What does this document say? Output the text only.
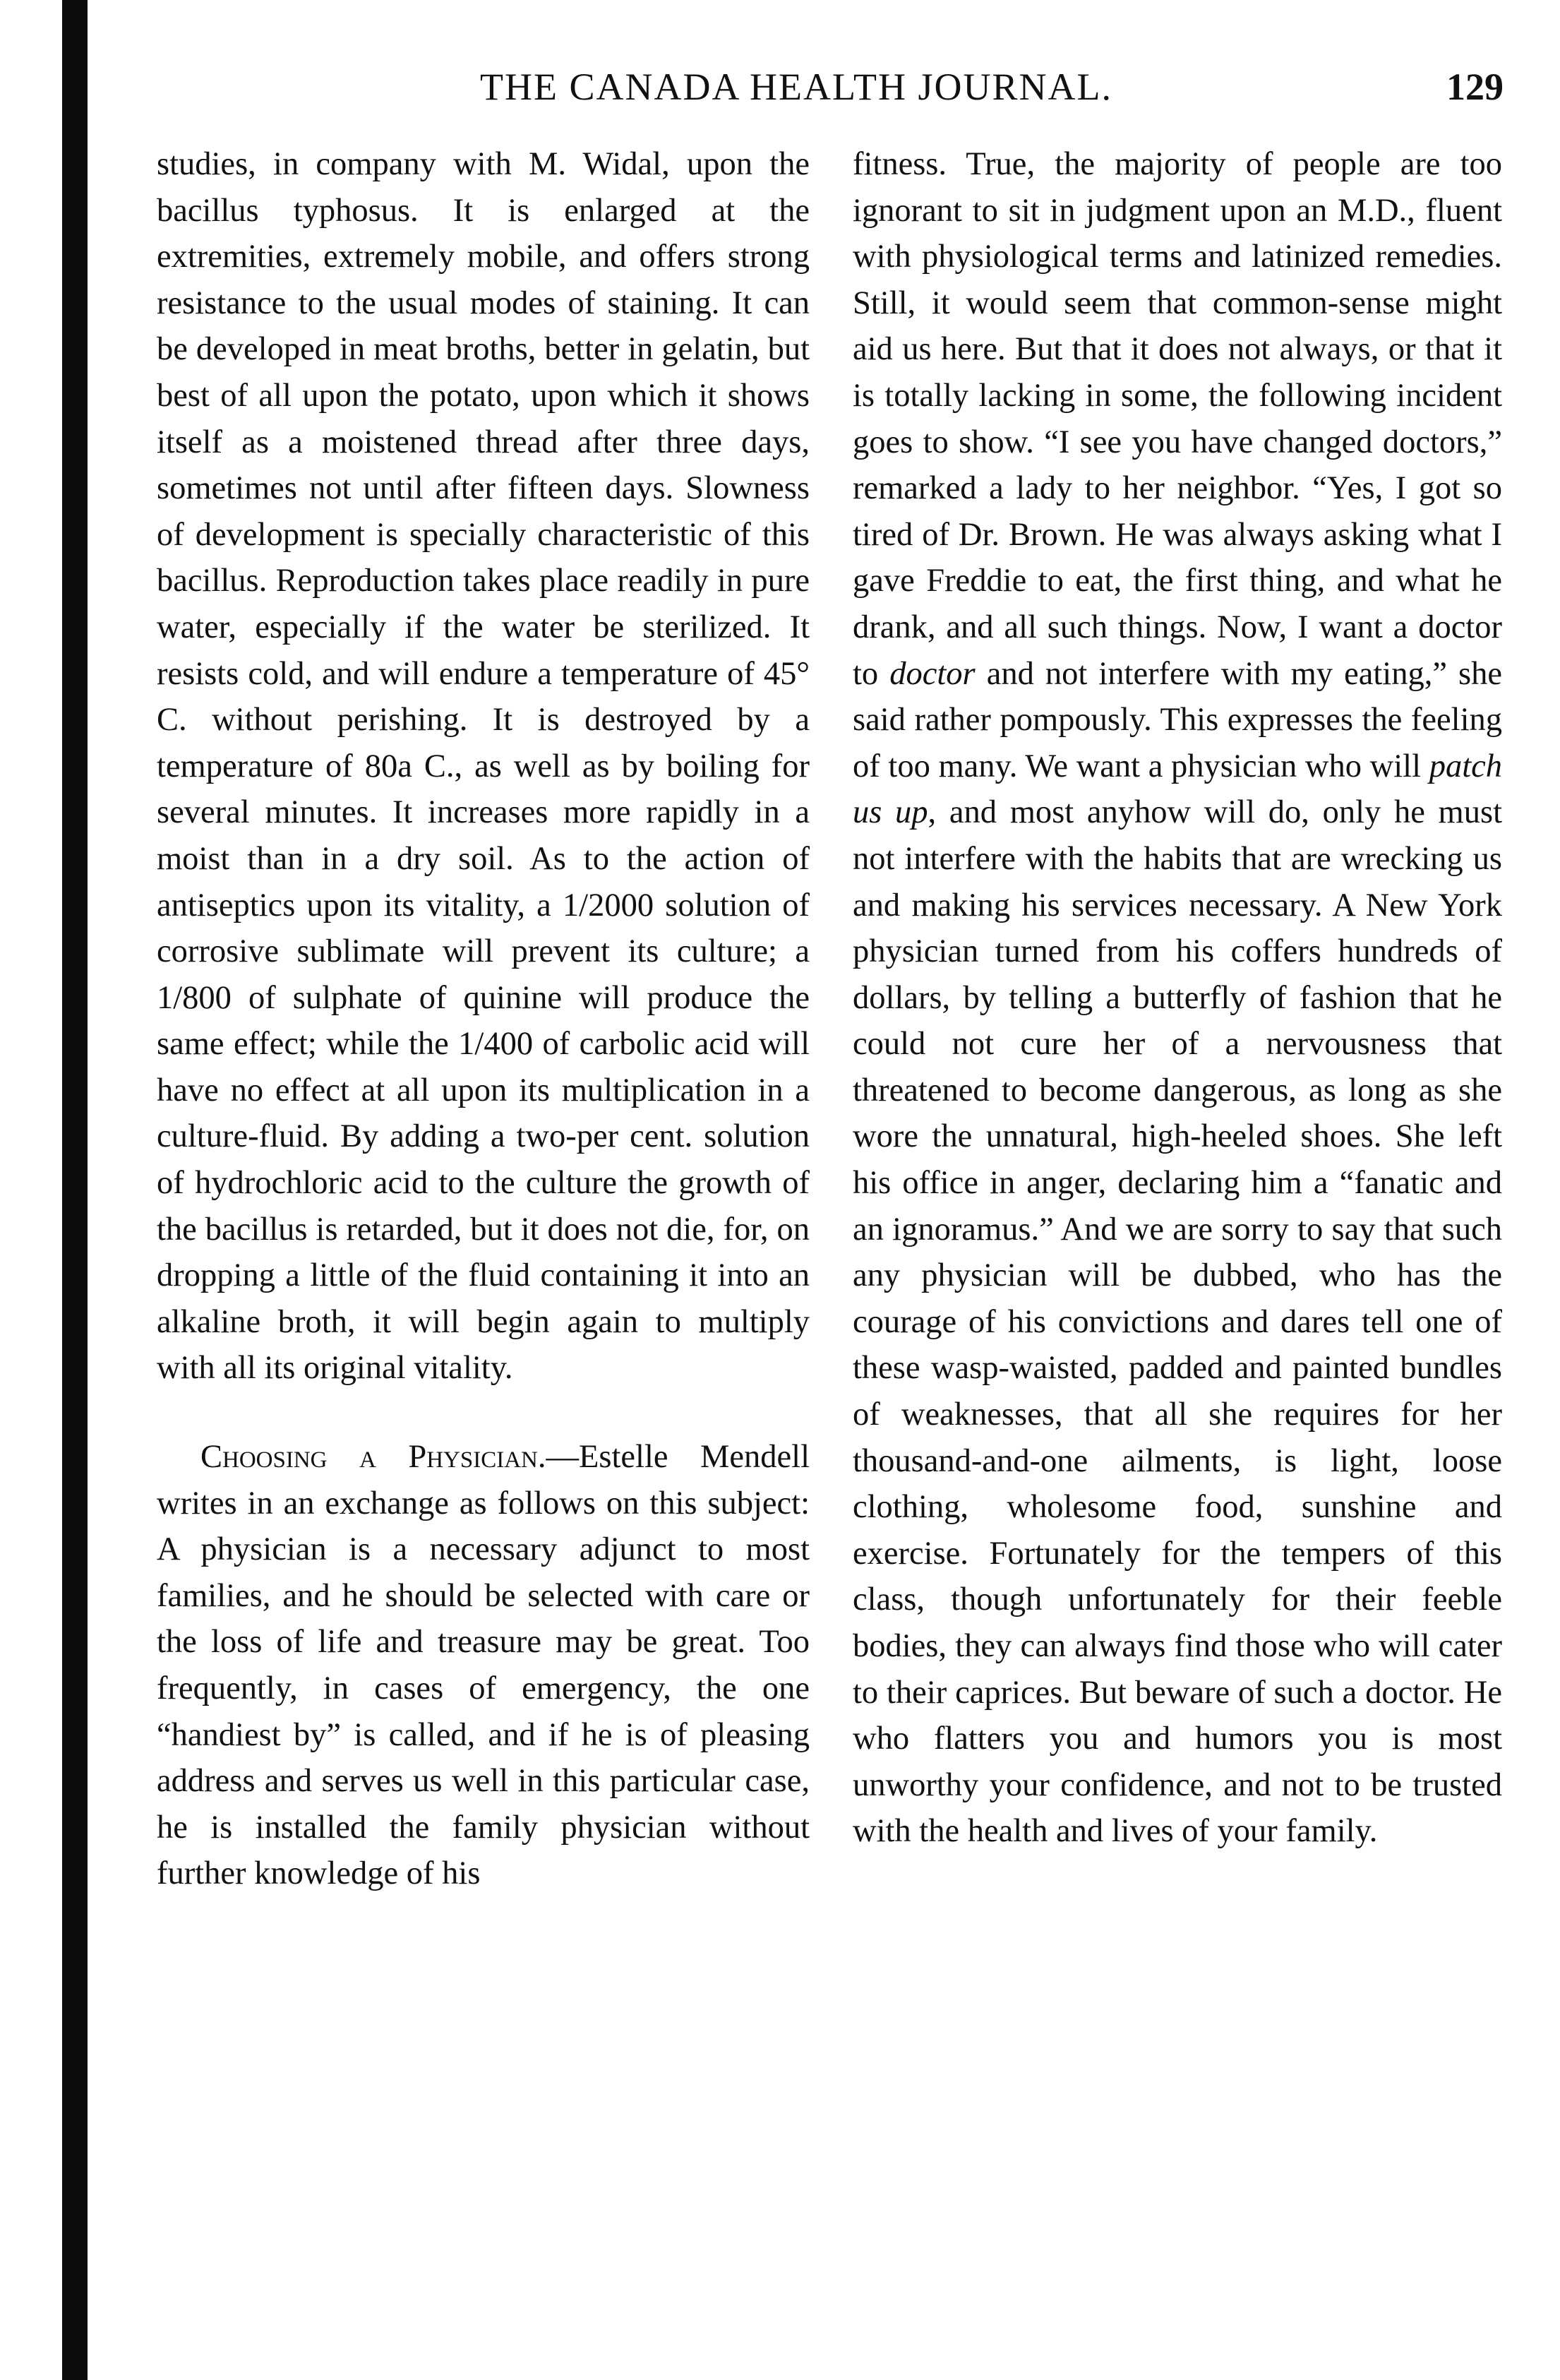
THE CANADA HEALTH JOURNAL.	129

studies, in company with M. Widal, upon the bacillus typhosus. It is enlarged at the extremities, extremely mobile, and offers strong resistance to the usual modes of staining. It can be developed in meat broths, better in gelatin, but best of all upon the potato, upon which it shows itself as a moistened thread after three days, sometimes not until after fifteen days. Slowness of development is specially characteristic of this bacillus. Reproduction takes place readily in pure water, especially if the water be sterilized. It resists cold, and will endure a temperature of 45° C. without perishing. It is destroyed by a temperature of 80a C., as well as by boiling for several minutes. It increases more rapidly in a moist than in a dry soil. As to the action of antiseptics upon its vitality, a 1/2000 solution of corrosive sublimate will prevent its culture; a 1/800 of sulphate of quinine will produce the same effect; while the 1/400 of carbolic acid will have no effect at all upon its multiplication in a culture-fluid. By adding a two-per cent. solution of hydrochloric acid to the culture the growth of the bacillus is retarded, but it does not die, for, on dropping a little of the fluid containing it into an alkaline broth, it will begin again to multiply with all its original vitality.

Choosing a Physician.—Estelle Mendell writes in an exchange as follows on this subject: A physician is a necessary adjunct to most families, and he should be selected with care or the loss of life and treasure may be great. Too frequently, in cases of emergency, the one “handiest by” is called, and if he is of pleasing address and serves us well in this particular case, he is installed the family physician without further knowledge of his

fitness. True, the majority of people are too ignorant to sit in judgment upon an M.D., fluent with physiological terms and latinized remedies. Still, it would seem that common-sense might aid us here. But that it does not always, or that it is totally lacking in some, the following incident goes to show. “I see you have changed doctors,” remarked a lady to her neighbor. “Yes, I got so tired of Dr. Brown. He was always asking what I gave Freddie to eat, the first thing, and what he drank, and all such things. Now, I want a doctor to doctor and not interfere with my eating,” she said rather pompously. This expresses the feeling of too many. We want a physician who will patch us up, and most anyhow will do, only he must not interfere with the habits that are wrecking us and making his services necessary. A New York physician turned from his coffers hundreds of dollars, by telling a butterfly of fashion that he could not cure her of a nervousness that threatened to become dangerous, as long as she wore the unnatural, high-heeled shoes. She left his office in anger, declaring him a “fanatic and an ignoramus.” And we are sorry to say that such any physician will be dubbed, who has the courage of his convictions and dares tell one of these wasp-waisted, padded and painted bundles of weaknesses, that all she requires for her thousand-and-one ailments, is light, loose clothing, wholesome food, sunshine and exercise. Fortunately for the tempers of this class, though unfortunately for their feeble bodies, they can always find those who will cater to their caprices. But beware of such a doctor. He who flatters you and humors you is most unworthy your confidence, and not to be trusted with the health and lives of your family.
